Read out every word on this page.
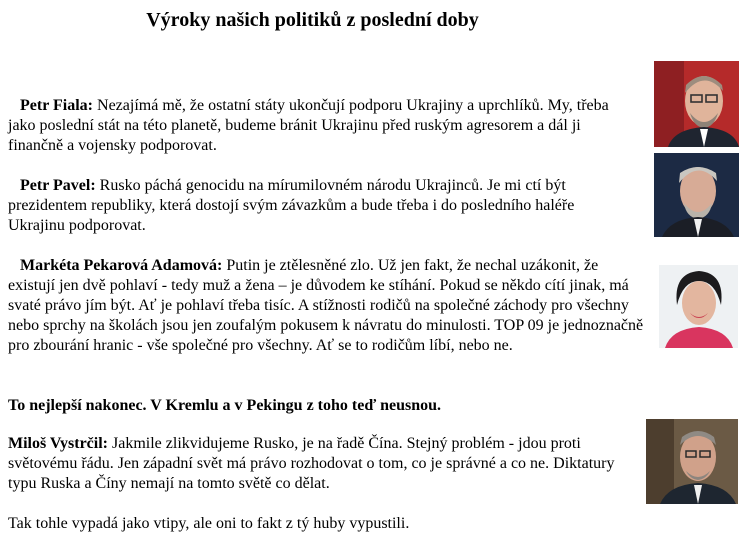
Výroky našich politiků z poslední doby

Petr Fiala: Nezajímá mě, že ostatní státy ukončují podporu Ukrajiny a uprchlíků. My, třeba jako poslední stát na této planetě, budeme bránit Ukrajinu před ruským agresorem a dál ji finančně a vojensky podporovat.

Petr Pavel: Rusko páchá genocidu na mírumilovném národu Ukrajinců. Je mi ctí být prezidentem republiky, která dostojí svým závazkům a bude třeba i do posledního haléře Ukrajinu podporovat.

Markéta Pekarová Adamová: Putin je ztělesněné zlo. Už jen fakt, že nechal uzákonit, že existují jen dvě pohlaví - tedy muž a žena – je důvodem ke stíhání. Pokud se někdo cítí jinak, má svaté právo jím být. Ať je pohlaví třeba tisíc. A stížnosti rodičů na společné záchody pro všechny nebo sprchy na školách jsou jen zoufalým pokusem k návratu do minulosti. TOP 09 je jednoznačně pro zbourání hranic - vše společné pro všechny. Ať se to rodičům líbí, nebo ne.

To nejlepší nakonec. V Kremlu a v Pekingu z toho teď neusnou.

Miloš Vystrčil: Jakmile zlikvidujeme Rusko, je na řadě Čína. Stejný problém - jdou proti světovému řádu. Jen západní svět má právo rozhodovat o tom, co je správné a co ne. Diktatury typu Ruska a Číny nemají na tomto světě co dělat.

Tak tohle vypadá jako vtipy, ale oni to fakt z tý huby vypustili.
